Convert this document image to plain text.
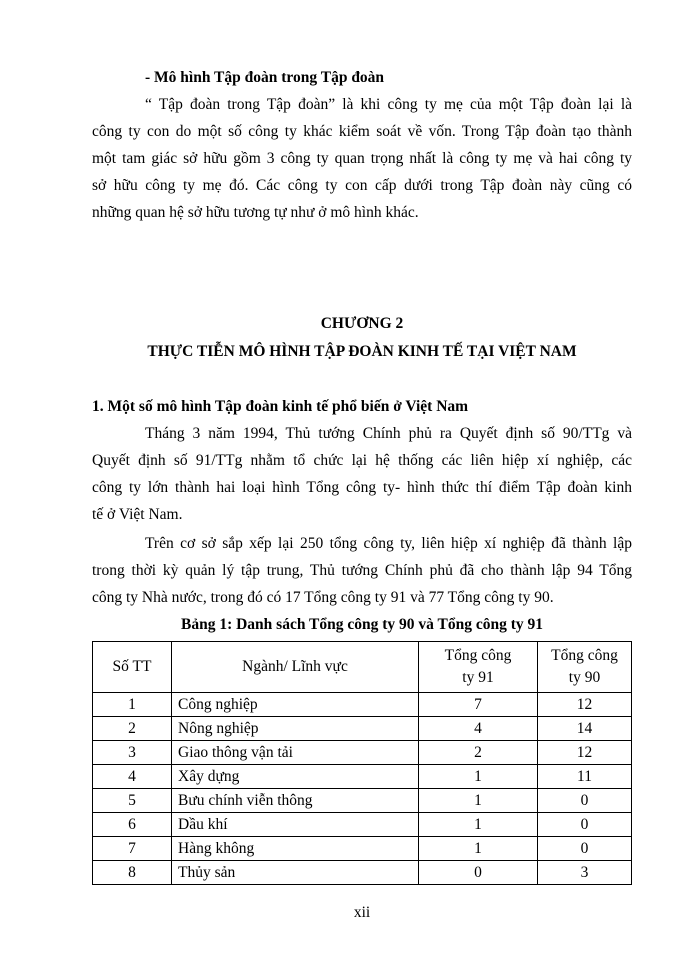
- Mô hình Tập đoàn trong Tập đoàn
“ Tập đoàn trong Tập đoàn” là khi công ty mẹ của một Tập đoàn lại là
công ty con do một số công ty khác kiểm soát về vốn. Trong Tập đoàn tạo thành
một tam giác sở hữu gồm 3 công ty quan trọng nhất là công ty mẹ và hai công ty
sở hữu công ty mẹ đó. Các công ty con cấp dưới trong Tập đoàn này cũng có
những quan hệ sở hữu tương tự như ở mô hình khác.
CHƯƠNG 2
THỰC TIỄN MÔ HÌNH TẬP ĐOÀN KINH TẾ TẠI VIỆT NAM
1. Một số mô hình Tập đoàn kinh tế phổ biến ở Việt Nam
Tháng 3 năm 1994, Thủ tướng Chính phủ ra Quyết định số 90/TTg và
Quyết định số 91/TTg nhằm tổ chức lại hệ thống các liên hiệp xí nghiệp, các
công ty lớn thành hai loại hình Tổng công ty- hình thức thí điểm Tập đoàn kinh
tế ở Việt Nam.
Trên cơ sở sắp xếp lại 250 tổng công ty, liên hiệp xí nghiệp đã thành lập
trong thời kỳ quản lý tập trung, Thủ tướng Chính phủ đã cho thành lập 94 Tổng
công ty Nhà nước, trong đó có 17 Tổng công ty 91 và 77 Tổng công ty 90.
Bảng 1: Danh sách Tổng công ty 90 và Tổng công ty 91
Số TT	Ngành/ Lĩnh vực	Tổng công ty 91	Tổng công ty 90
1	Công nghiệp	7	12
2	Nông nghiệp	4	14
3	Giao thông vận tải	2	12
4	Xây dựng	1	11
5	Bưu chính viễn thông	1	0
6	Dầu khí	1	0
7	Hàng không	1	0
8	Thủy sản	0	3
xii
